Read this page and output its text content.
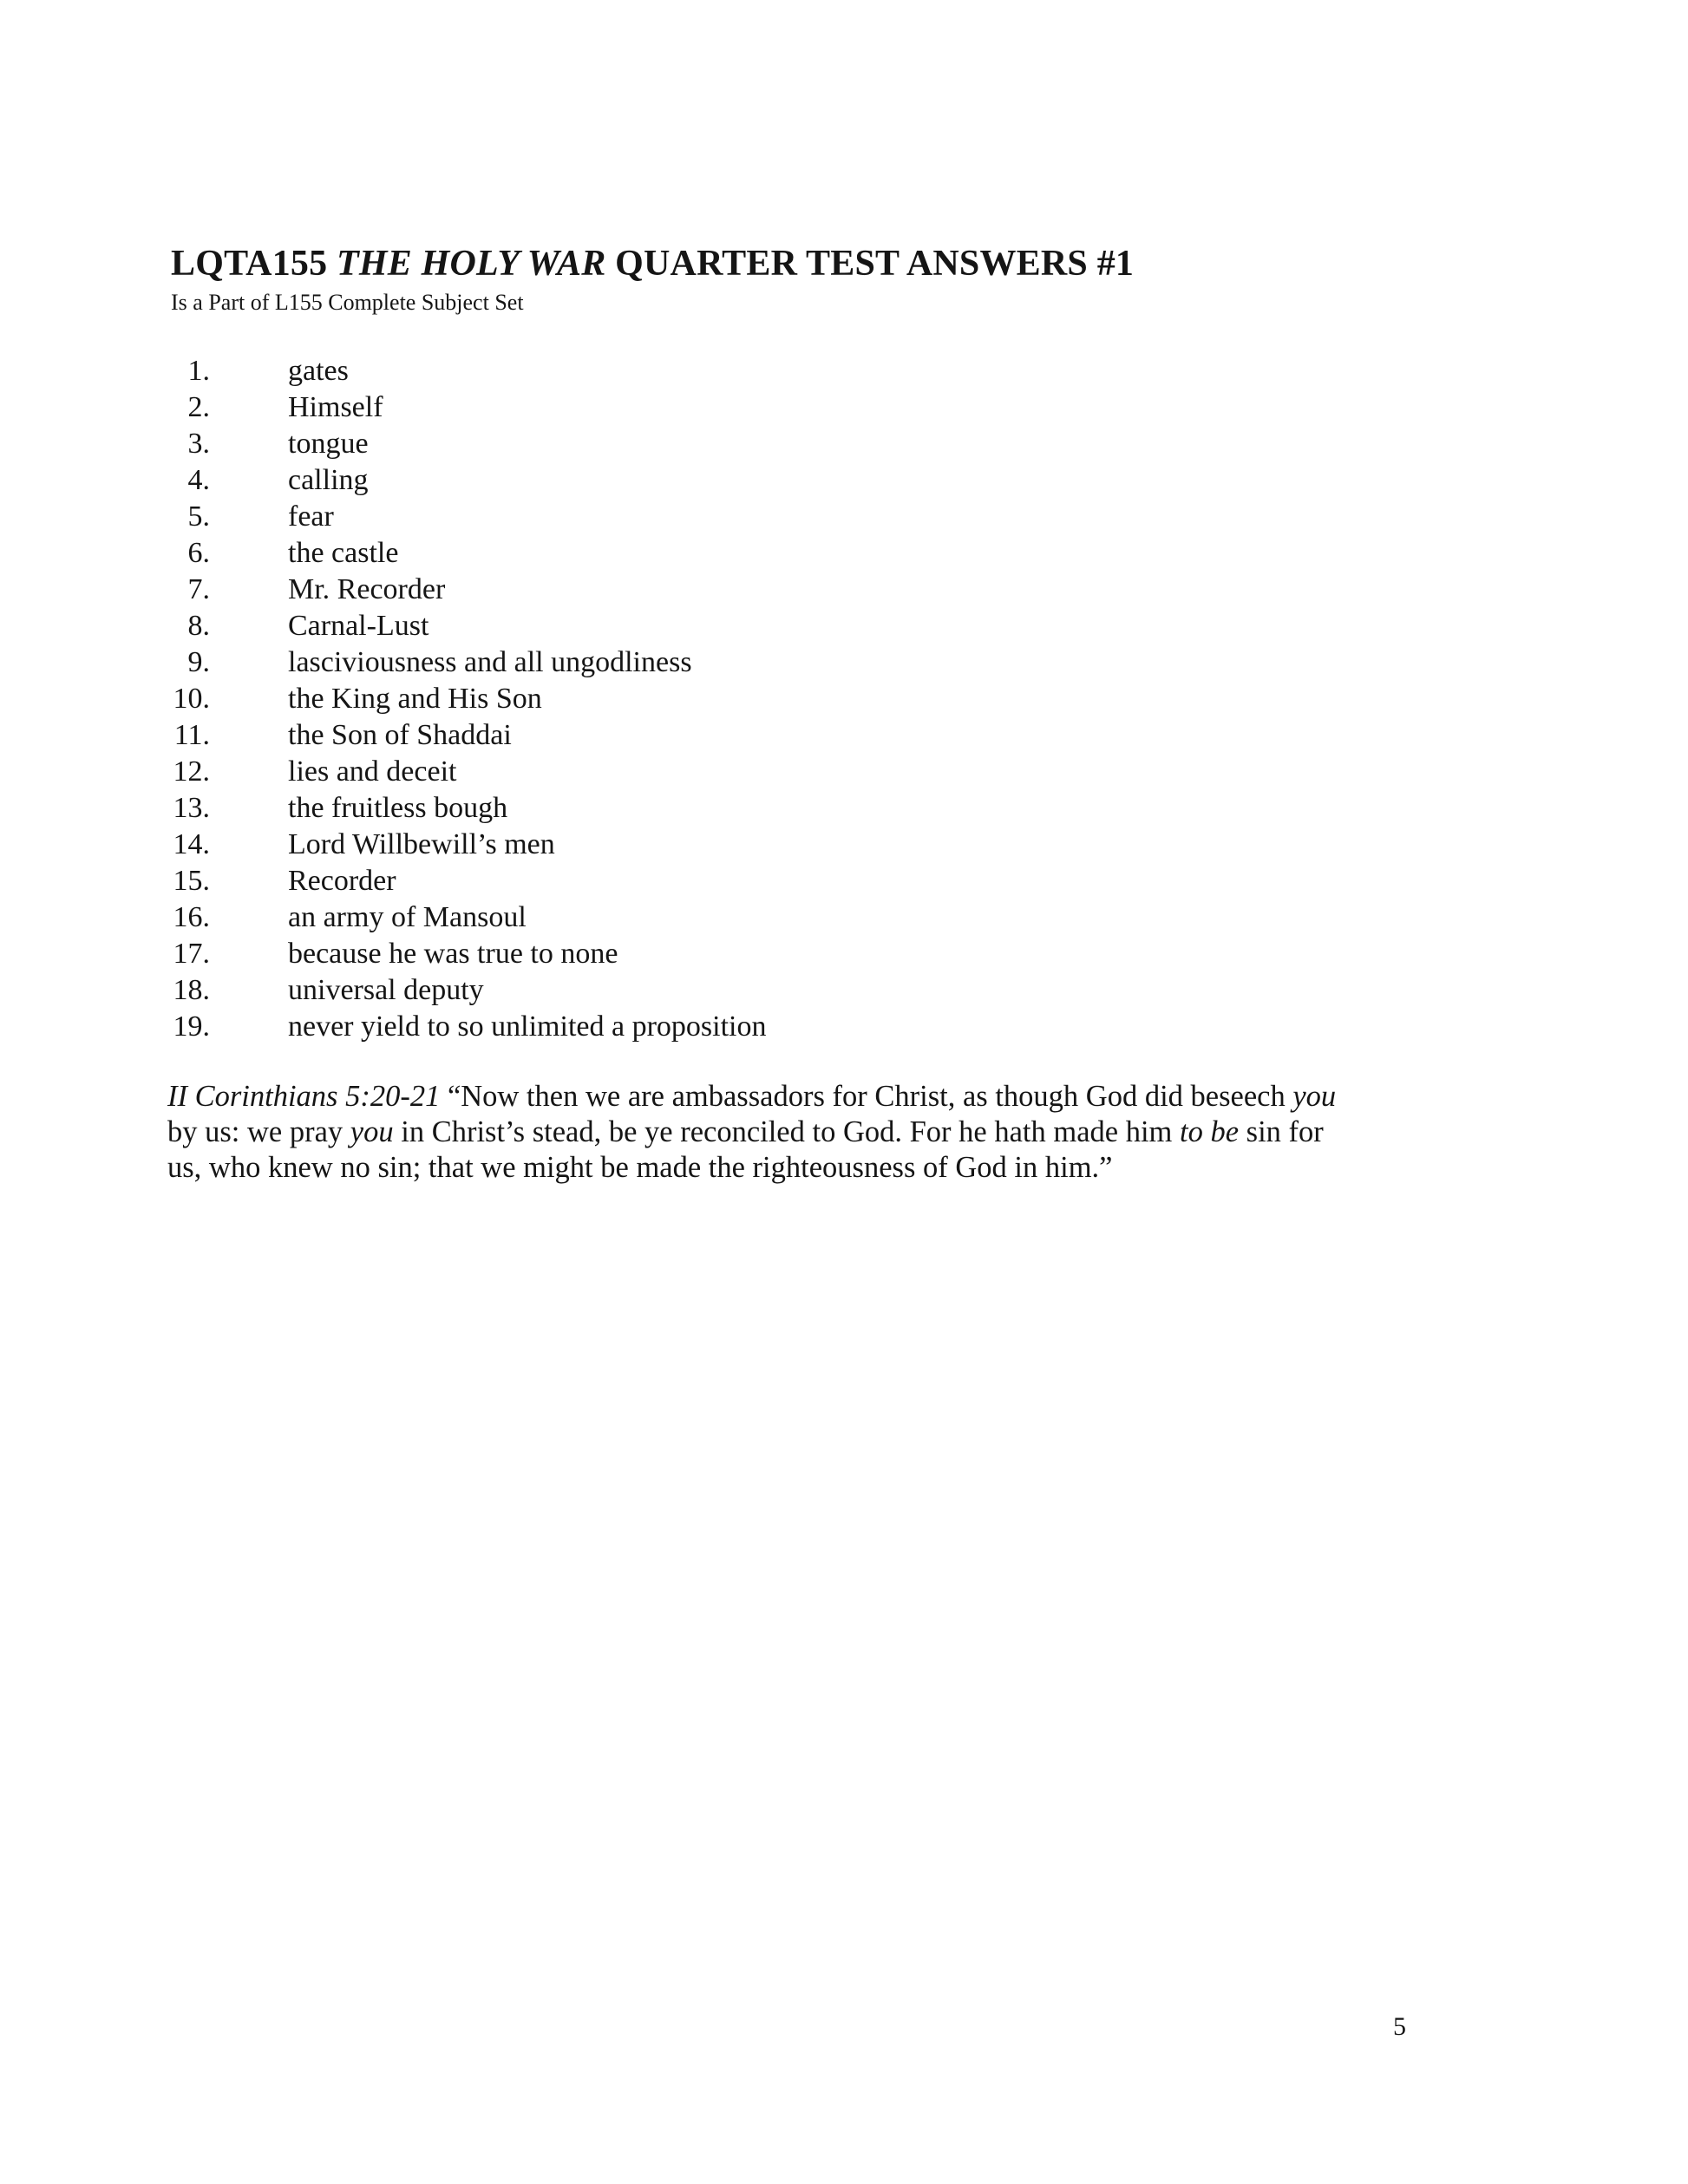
LQTA155 THE HOLY WAR QUARTER TEST ANSWERS #1
Is a Part of L155 Complete Subject Set
1.	gates
2.	Himself
3.	tongue
4.	calling
5.	fear
6.	the castle
7.	Mr. Recorder
8.	Carnal-Lust
9.	lasciviousness and all ungodliness
10.	the King and His Son
11.	the Son of Shaddai
12.	lies and deceit
13.	the fruitless bough
14.	Lord Willbewill’s men
15.	Recorder
16.	an army of Mansoul
17.	because he was true to none
18.	universal deputy
19.	never yield to so unlimited a proposition
II Corinthians 5:20-21 “Now then we are ambassadors for Christ, as though God did beseech you
by us: we pray you in Christ’s stead, be ye reconciled to God. For he hath made him to be sin for
us, who knew no sin; that we might be made the righteousness of God in him.”
5
